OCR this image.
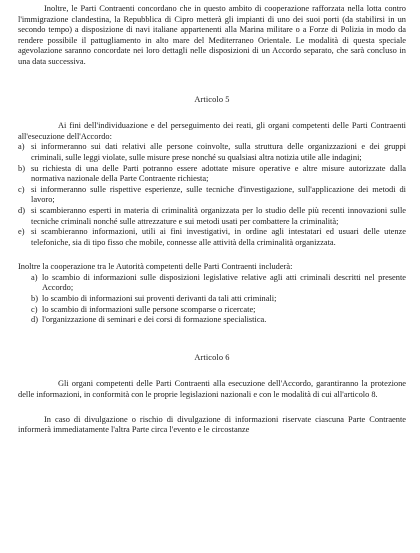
Inoltre, le Parti Contraenti concordano che in questo ambito di cooperazione rafforzata nella lotta contro l'immigrazione clandestina, la Repubblica di Cipro metterà gli impianti di uno dei suoi porti (da stabilirsi in un secondo tempo) a disposizione di navi italiane appartenenti alla Marina militare o a Forze di Polizia in modo da rendere possibile il pattugliamento in alto mare del Mediterraneo Orientale. Le modalità di questa speciale agevolazione saranno concordate nei loro dettagli nelle disposizioni di un Accordo separato, che sarà concluso in una data successiva.

Articolo 5

Ai fini dell'individuazione e del perseguimento dei reati, gli organi competenti delle Parti Contraenti all'esecuzione dell'Accordo:

a) si informeranno sui dati relativi alle persone coinvolte, sulla struttura delle organizzazioni e dei gruppi criminali, sulle leggi violate, sulle misure prese nonché su qualsiasi altra notizia utile alle indagini;
b) su richiesta di una delle Parti potranno essere adottate misure operative e altre misure autorizzate dalla normativa nazionale della Parte Contraente richiesta;
c) si informeranno sulle rispettive esperienze, sulle tecniche d'investigazione, sull'applicazione dei metodi di lavoro;
d) si scambieranno esperti in materia di criminalità organizzata per lo studio delle più recenti innovazioni sulle tecniche criminali nonché sulle attrezzature e sui metodi usati per combattere la criminalità;
e) si scambieranno informazioni, utili ai fini investigativi, in ordine agli intestatari ed usuari delle utenze telefoniche, sia di tipo fisso che mobile, connesse alle attività della criminalità organizzata.

Inoltre la cooperazione tra le Autorità competenti delle Parti Contraenti includerà:

a) lo scambio di informazioni sulle disposizioni legislative relative agli atti criminali descritti nel presente Accordo;
b) lo scambio di informazioni sui proventi derivanti da tali atti criminali;
c) lo scambio di informazioni sulle persone scomparse o ricercate;
d) l'organizzazione di seminari e dei corsi di formazione specialistica.
Articolo 6

Gli organi competenti delle Parti Contraenti alla esecuzione dell'Accordo, garantiranno la protezione delle informazioni, in conformità con le proprie legislazioni nazionali e con le modalità di cui all'articolo 8.

In caso di divulgazione o rischio di divulgazione di informazioni riservate ciascuna Parte Contraente informerà immediatamente l'altra Parte circa l'evento e le circostanze
